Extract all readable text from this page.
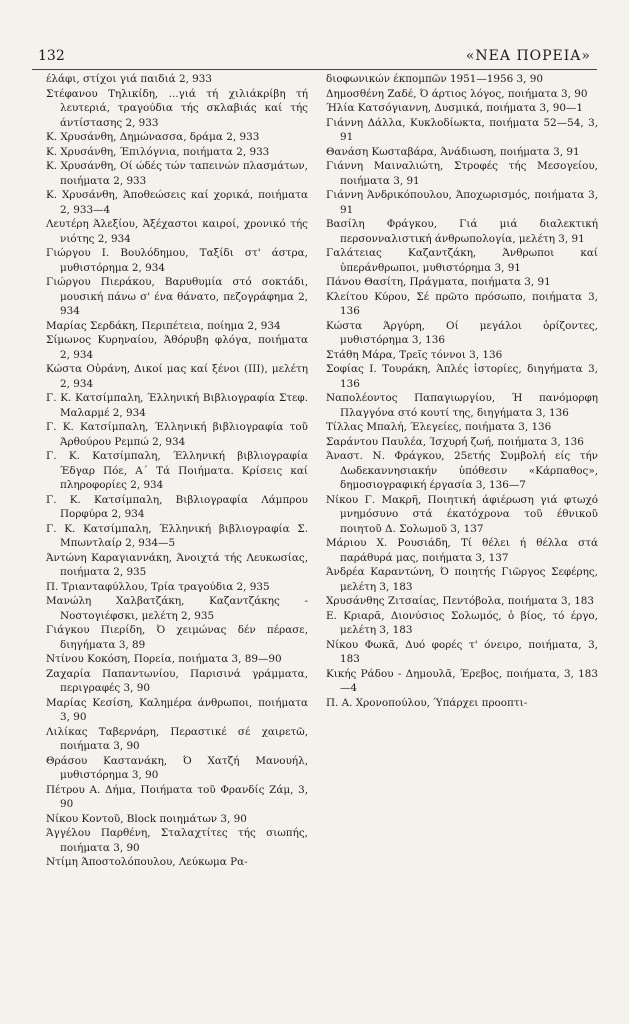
132	«ΝΕΑ ΠΟΡΕΙΑ»

έλάφι, στίχοι γιά παιδιά 2, 933

Στέφανου Τηλικίδη, ...γιά τή χιλιάκρίβη τή λευτεριά, τραγούδια τής σκλαβιάς καί τής άντίστασης 2, 933

Κ. Χρυσάνθη, Δημώνασσα, δράμα 2, 933

Κ. Χρυσάνθη, Έπιλόγνια, ποιήματα 2, 933

Κ. Χρυσάνθη, Οί ώδές τών ταπεινών πλασμάτων, ποιήματα 2, 933

Κ. Χρυσάνθη, Άποθεώσεις καί χορικά, ποιήματα 2, 933—4

Λευτέρη Άλεξίου, Άξέχαστοι καιροί, χρονικό τής νιότης 2, 934

Γιώργου Ι. Βουλόδημου, Ταξίδι στ' άστρα, μυθιστόρημα 2, 934

Γιώργου Πιεράκου, Βαρυθυμία στό σοκτάδι, μουσική πάνω σ' ένα θάνατο, πεζογράφημα 2, 934

Μαρίας Σερδάκη, Περιπέτεια, ποίημα 2, 934

Σίμωνος Κυρηναίου, Άθόρυβη φλόγα, ποιήματα 2, 934

Κώστα Οὐράνη, Δικοί μας καί ξένοι (ΙΙΙ), μελέτη 2, 934

Γ. Κ. Κατσίμπαλη, Έλληνική Βιβλιογραφία Στεφ. Μαλαρμέ 2, 934

Γ. Κ. Κατσίμπαλη, Έλληνική βιβλιογραφία τοῦ Άρθούρου Ρεμπώ 2, 934

Γ. Κ. Κατσίμπαλη, Έλληνική βιβλιογραφία Έδγαρ Πόε, Α΄ Τά Ποιήματα. Κρίσεις καί πληροφορίες 2, 934

Γ. Κ. Κατσίμπαλη, Βιβλιογραφία Λάμπρου Πορφύρα 2, 934

Γ. Κ. Κατσίμπαλη, Έλληνική βιβλιογραφία Σ. Μπωντλαίρ 2, 934—5

Άντώνη Καραγιαννάκη, Άνοιχτά τής Λευκωσίας, ποιήματα 2, 935

Π. Τριανταφύλλου, Τρία τραγούδια 2, 935

Μανώλη Χαλβατζάκη, Καζαντζάκης - Νοστογιέφσκι, μελέτη 2, 935

Γιάγκου Πιερίδη, Ό χειμώνας δέν πέρασε, διηγήματα 3, 89

Ντίνου Κοκόση, Πορεία, ποιήματα 3, 89—90

Ζαχαρία Παπαντωνίου, Παρισινά γράμματα, περιγραφές 3, 90

Μαρίας Κεσίση, Καλημέρα άνθρωποι, ποιήματα 3, 90

Λιλίκας Ταβερνάρη, Περαστικέ σέ χαιρετῶ, ποιήματα 3, 90

Θράσου Καστανάκη, Ό Χατζή Μανουήλ, μυθιστόρημα 3, 90

Πέτρου Α. Δήμα, Ποιήματα τοῦ Φρανδίς Ζάμ, 3, 90

Νίκου Κοντοῦ, Block ποιημάτων 3, 90

Άγγέλου Παρθένη, Σταλαχτίτες τής σιωπής, ποιήματα 3, 90

Ντίμη Άποστολόπουλου, Λεύκωμα Ρα-

διοφωνικών έκπομπῶν 1951—1956 3, 90

Δημοσθένη Ζαδέ, Ό άρτιος λόγος, ποιήματα 3, 90

Ήλία Κατσόγιαννη, Δυσμικά, ποιήματα 3, 90—1

Γιάννη Δάλλα, Κυκλοδίωκτα, ποιήματα 52—54, 3, 91

Θανάση Κωσταβάρα, Άνάδιωση, ποιήματα 3, 91

Γιάννη Μαιναλιώτη, Στροφές τής Μεσογείου, ποιήματα 3, 91

Γιάννη Άνδρικόπουλου, Άποχωρισμός, ποιήματα 3, 91

Βασίλη Φράγκου, Γιά μιά διαλεκτική περσονναλιστική άνθρωπολογία, μελέτη 3, 91

Γαλάτειας Καζαντζάκη, Άνθρωποι καί ὑπεράνθρωποι, μυθιστόρημα 3, 91

Πάνου Θασίτη, Πράγματα, ποιήματα 3, 91

Κλείτου Κύρου, Σέ πρῶτο πρόσωπο, ποιήματα 3, 136

Κώστα Άργύρη, Οί μεγάλοι ὁρίζοντες, μυθιστόρημα 3, 136

Στάθη Μάρα, Τρεῖς τόννοι 3, 136

Σοφίας Ι. Τουράκη, Άπλές ἱστορίες, διηγήματα 3, 136

Ναπολέοντος Παπαγιωργίου, Ή πανόμορφη Πλαγγόνα στό κουτί της, διηγήματα 3, 136

Τίλλας Μπαλή, Έλεγείες, ποιήματα 3, 136

Σαράντου Παυλέα, Ίσχυρή ζωή, ποιήματα 3, 136

Άναστ. Ν. Φράγκου, 25ετής Συμβολή είς τήν Δωδεκαννησιακήν ὑπόθεσιν «Κάρπαθος», δημοσιογραφική έργασία 3, 136—7

Νίκου Γ. Μακρῆ, Ποιητική άφιέρωση γιά φτωχό μνημόσυνο στά έκατόχρονα τοῦ έθνικοῦ ποιητοῦ Δ. Σολωμοῦ 3, 137

Μάριου Χ. Ρουσιάδη, Τί θέλει ή θέλλα στά παράθυρά μας, ποιήματα 3, 137

Άνδρέα Καραντώνη, Ό ποιητής Γιῶργος Σεφέρης, μελέτη 3, 183

Χρυσάνθης Ζιτσαίας, Πεντόβολα, ποιήματα 3, 183

Ε. Κριαρᾶ, Διονύσιος Σολωμός, ὁ βίος, τό έργο, μελέτη 3, 183

Νίκου Φωκᾶ, Δυό φορές τ' όνειρο, ποιήματα, 3, 183

Κικής Ράδου - Δημουλᾶ, Έρεβος, ποιήματα, 3, 183—4

Π. Α. Χρονοπούλου, Ύπάρχει προοπτι-
